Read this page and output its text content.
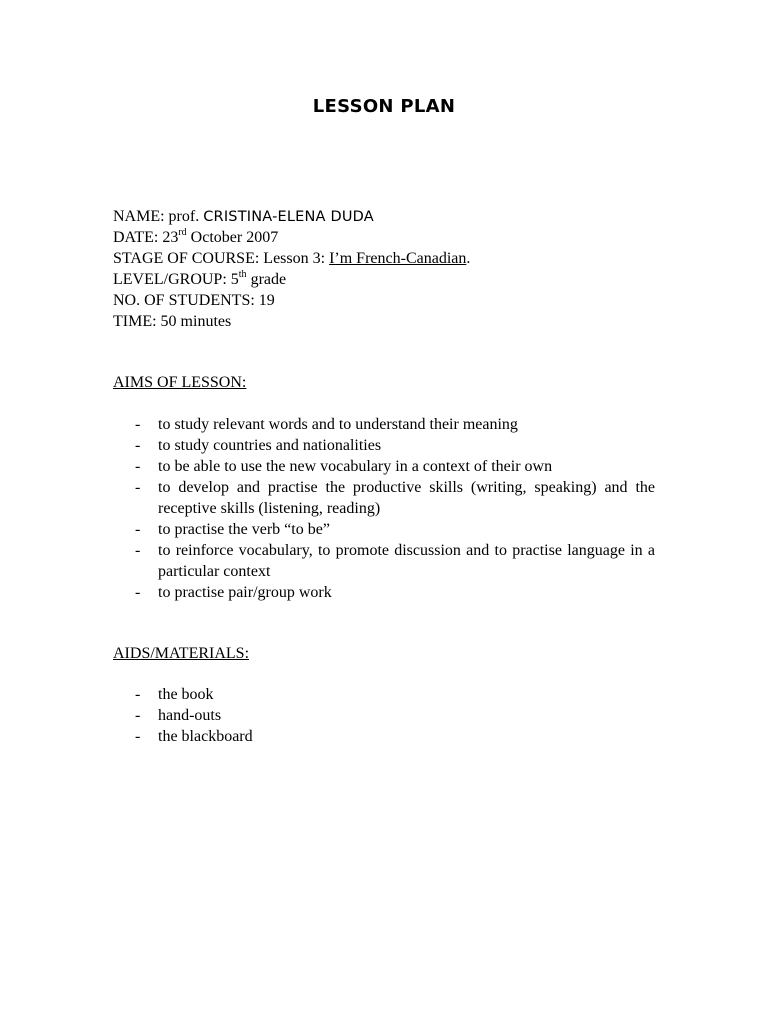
LESSON PLAN
NAME: prof. CRISTINA-ELENA DUDA
DATE: 23rd October 2007
STAGE OF COURSE: Lesson 3: I’m French-Canadian.
LEVEL/GROUP: 5th grade
NO. OF STUDENTS: 19
TIME: 50 minutes
AIMS OF LESSON:
- to study relevant words and to understand their meaning
- to study countries and nationalities
- to be able to use the new vocabulary in a context of their own
- to develop and practise the productive skills (writing, speaking) and the receptive skills (listening, reading)
- to practise the verb “to be”
- to reinforce vocabulary, to promote discussion and to practise language in a particular context
- to practise pair/group work
AIDS/MATERIALS:
- the book
- hand-outs
- the blackboard
